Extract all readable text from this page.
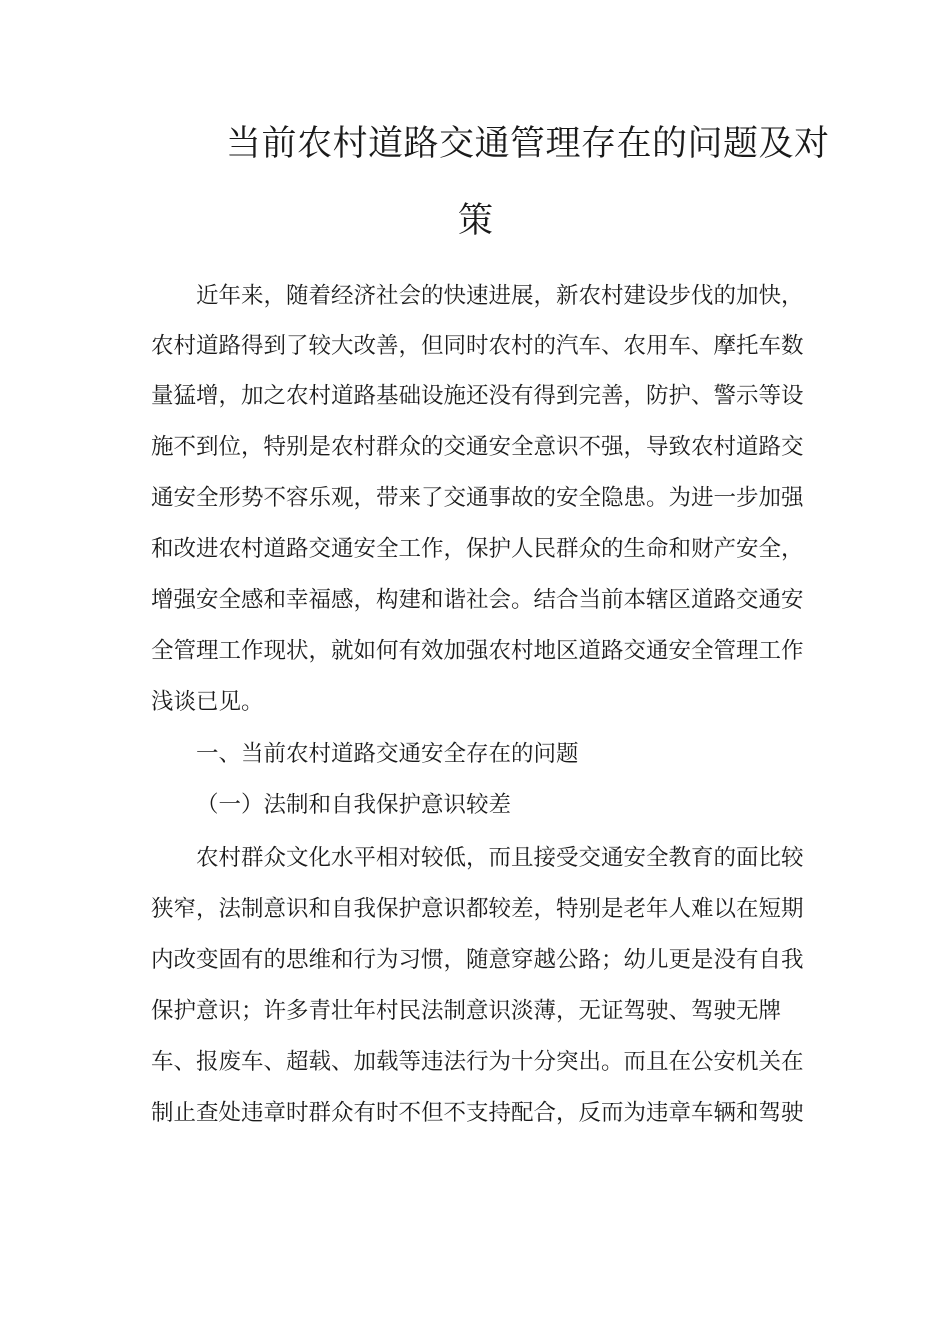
当前农村道路交通管理存在的问题及对
策
近年来，随着经济社会的快速进展，新农村建设步伐的加快，
农村道路得到了较大改善，但同时农村的汽车、农用车、摩托车数
量猛增，加之农村道路基础设施还没有得到完善，防护、警示等设
施不到位，特别是农村群众的交通安全意识不强，导致农村道路交
通安全形势不容乐观，带来了交通事故的安全隐患。为进一步加强
和改进农村道路交通安全工作，保护人民群众的生命和财产安全，
增强安全感和幸福感，构建和谐社会。结合当前本辖区道路交通安
全管理工作现状，就如何有效加强农村地区道路交通安全管理工作
浅谈已见。
一、当前农村道路交通安全存在的问题
（一）法制和自我保护意识较差
农村群众文化水平相对较低，而且接受交通安全教育的面比较
狭窄，法制意识和自我保护意识都较差，特别是老年人难以在短期
内改变固有的思维和行为习惯，随意穿越公路；幼儿更是没有自我
保护意识；许多青壮年村民法制意识淡薄，无证驾驶、驾驶无牌
车、报废车、超载、加载等违法行为十分突出。而且在公安机关在
制止查处违章时群众有时不但不支持配合，反而为违章车辆和驾驶
